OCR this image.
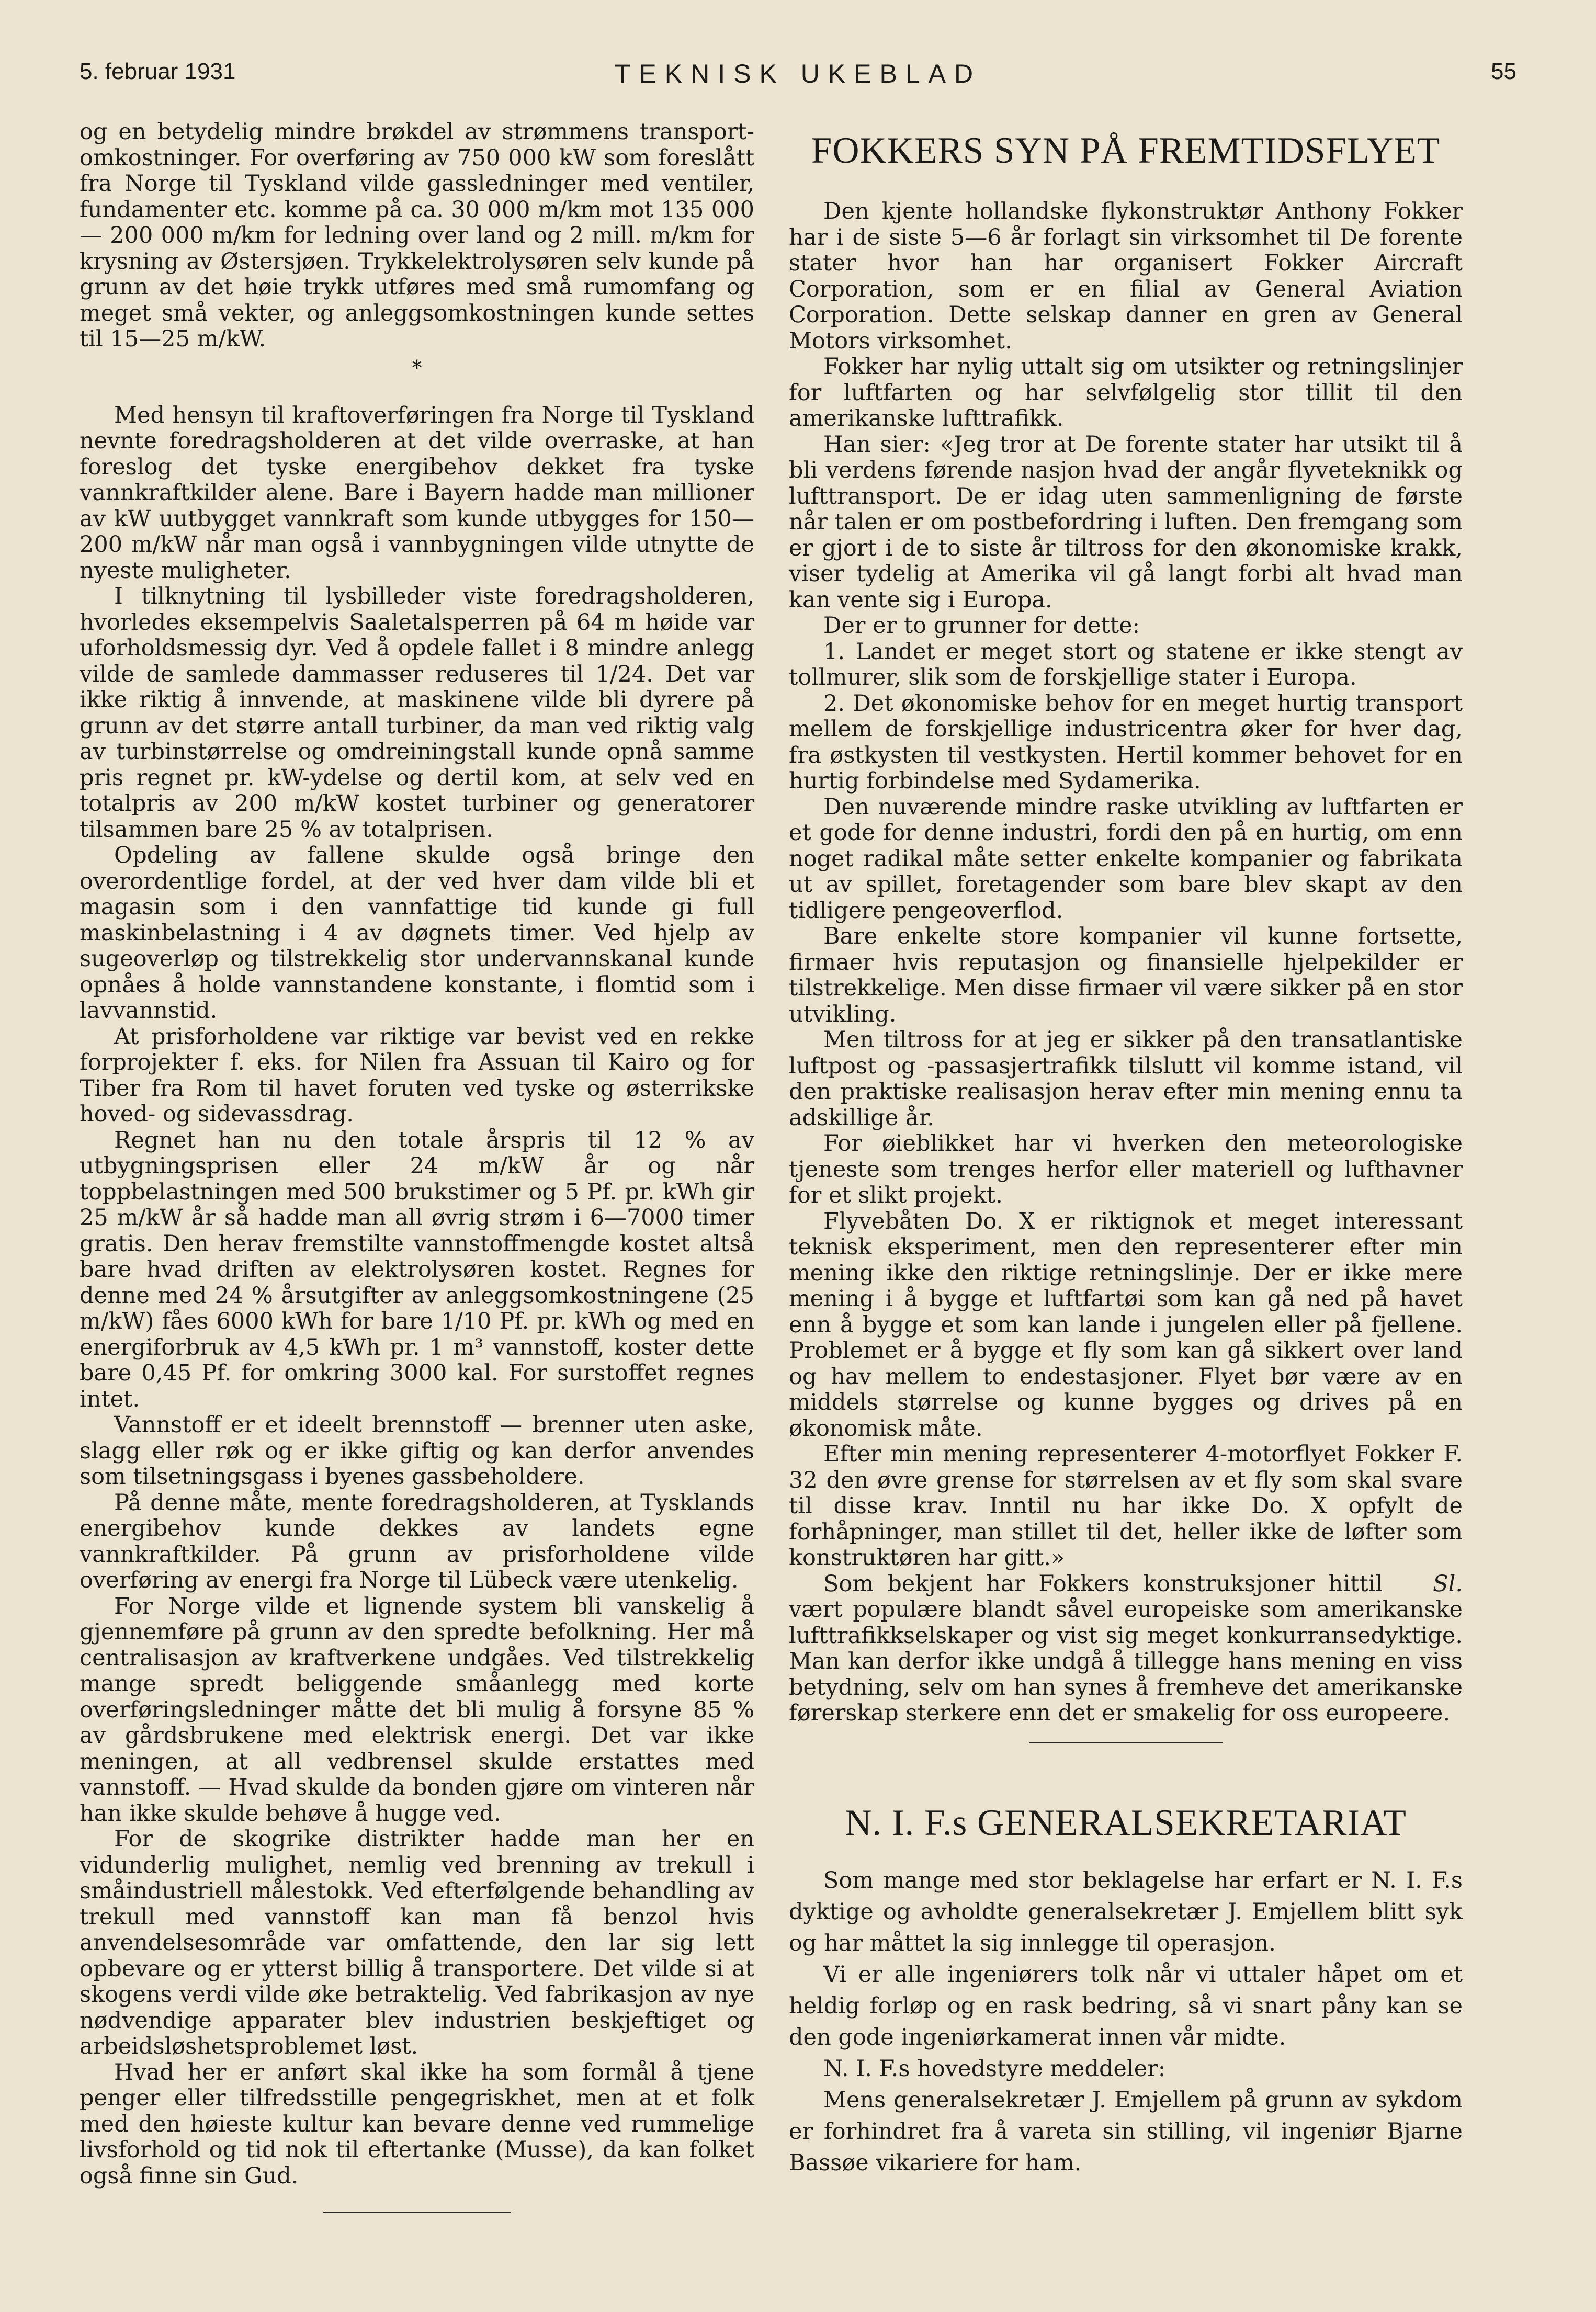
5. februar 1931	TEKNISK UKEBLAD	55

og en betydelig mindre brøkdel av strømmens transport-omkostninger. For overføring av 750 000 kW som foreslått fra Norge til Tyskland vilde gassledninger med ventiler, fundamenter etc. komme på ca. 30 000 m/km mot 135 000 — 200 000 m/km for ledning over land og 2 mill. m/km for krysning av Østersjøen. Trykkelektrolysøren selv kunde på grunn av det høie trykk utføres med små rumomfang og meget små vekter, og anleggsomkostningen kunde settes til 15—25 m/kW.

*

Med hensyn til kraftoverføringen fra Norge til Tyskland nevnte foredragsholderen at det vilde overraske, at han foreslog det tyske energibehov dekket fra tyske vannkraftkilder alene. Bare i Bayern hadde man millioner av kW uutbygget vannkraft som kunde utbygges for 150—200 m/kW når man også i vannbygningen vilde utnytte de nyeste muligheter.

I tilknytning til lysbilleder viste foredragsholderen, hvorledes eksempelvis Saaletalsperren på 64 m høide var uforholdsmessig dyr. Ved å opdele fallet i 8 mindre anlegg vilde de samlede dammasser reduseres til 1/24. Det var ikke riktig å innvende, at maskinene vilde bli dyrere på grunn av det større antall turbiner, da man ved riktig valg av turbinstørrelse og omdreiningstall kunde opnå samme pris regnet pr. kW-ydelse og dertil kom, at selv ved en totalpris av 200 m/kW kostet turbiner og generatorer tilsammen bare 25 % av totalprisen.

Opdeling av fallene skulde også bringe den overordentlige fordel, at der ved hver dam vilde bli et magasin som i den vannfattige tid kunde gi full maskinbelastning i 4 av døgnets timer. Ved hjelp av sugeoverløp og tilstrekkelig stor undervannskanal kunde opnåes å holde vannstandene konstante, i flomtid som i lavvannstid.

At prisforholdene var riktige var bevist ved en rekke forprojekter f. eks. for Nilen fra Assuan til Kairo og for Tiber fra Rom til havet foruten ved tyske og østerrikske hoved- og sidevassdrag.

Regnet han nu den totale årspris til 12 % av utbygningsprisen eller 24 m/kW år og når toppbelastningen med 500 brukstimer og 5 Pf. pr. kWh gir 25 m/kW år så hadde man all øvrig strøm i 6—7000 timer gratis. Den herav fremstilte vannstoffmengde kostet altså bare hvad driften av elektrolysøren kostet. Regnes for denne med 24 % årsutgifter av anleggsomkostningene (25 m/kW) fåes 6000 kWh for bare 1/10 Pf. pr. kWh og med en energiforbruk av 4,5 kWh pr. 1 m³ vannstoff, koster dette bare 0,45 Pf. for omkring 3000 kal. For surstoffet regnes intet.

Vannstoff er et ideelt brennstoff — brenner uten aske, slagg eller røk og er ikke giftig og kan derfor anvendes som tilsetningsgass i byenes gassbeholdere.

På denne måte, mente foredragsholderen, at Tysklands energibehov kunde dekkes av landets egne vannkraftkilder. På grunn av prisforholdene vilde overføring av energi fra Norge til Lübeck være utenkelig.

For Norge vilde et lignende system bli vanskelig å gjennemføre på grunn av den spredte befolkning. Her må centralisasjon av kraftverkene undgåes. Ved tilstrekkelig mange spredt beliggende småanlegg med korte overføringsledninger måtte det bli mulig å forsyne 85 % av gårdsbrukene med elektrisk energi. Det var ikke meningen, at all vedbrensel skulde erstattes med vannstoff. — Hvad skulde da bonden gjøre om vinteren når han ikke skulde behøve å hugge ved.

For de skogrike distrikter hadde man her en vidunderlig mulighet, nemlig ved brenning av trekull i småindustriell målestokk. Ved efterfølgende behandling av trekull med vannstoff kan man få benzol hvis anvendelsesområde var omfattende, den lar sig lett opbevare og er ytterst billig å transportere. Det vilde si at skogens verdi vilde øke betraktelig. Ved fabrikasjon av nye nødvendige apparater blev industrien beskjeftiget og arbeidsløshetsproblemet løst.

Hvad her er anført skal ikke ha som formål å tjene penger eller tilfredsstille pengegriskhet, men at et folk med den høieste kultur kan bevare denne ved rummelige livsforhold og tid nok til eftertanke (Musse), da kan folket også finne sin Gud.

FOKKERS SYN PÅ FREMTIDSFLYET

Den kjente hollandske flykonstruktør Anthony Fokker har i de siste 5—6 år forlagt sin virksomhet til De forente stater hvor han har organisert Fokker Aircraft Corporation, som er en filial av General Aviation Corporation. Dette selskap danner en gren av General Motors virksomhet.

Fokker har nylig uttalt sig om utsikter og retningslinjer for luftfarten og har selvfølgelig stor tillit til den amerikanske lufttrafikk.

Han sier: «Jeg tror at De forente stater har utsikt til å bli verdens førende nasjon hvad der angår flyveteknikk og lufttransport. De er idag uten sammenligning de første når talen er om postbefordring i luften. Den fremgang som er gjort i de to siste år tiltross for den økonomiske krakk, viser tydelig at Amerika vil gå langt forbi alt hvad man kan vente sig i Europa.

Der er to grunner for dette:

1. Landet er meget stort og statene er ikke stengt av tollmurer, slik som de forskjellige stater i Europa.

2. Det økonomiske behov for en meget hurtig transport mellem de forskjellige industricentra øker for hver dag, fra østkysten til vestkysten. Hertil kommer behovet for en hurtig forbindelse med Sydamerika.

Den nuværende mindre raske utvikling av luftfarten er et gode for denne industri, fordi den på en hurtig, om enn noget radikal måte setter enkelte kompanier og fabrikata ut av spillet, foretagender som bare blev skapt av den tidligere pengeoverflod.

Bare enkelte store kompanier vil kunne fortsette, firmaer hvis reputasjon og finansielle hjelpekilder er tilstrekkelige. Men disse firmaer vil være sikker på en stor utvikling.

Men tiltross for at jeg er sikker på den transatlantiske luftpost og -passasjertrafikk tilslutt vil komme istand, vil den praktiske realisasjon herav efter min mening ennu ta adskillige år.

For øieblikket har vi hverken den meteorologiske tjeneste som trenges herfor eller materiell og lufthavner for et slikt projekt.

Flyvebåten Do. X er riktignok et meget interessant teknisk eksperiment, men den representerer efter min mening ikke den riktige retningslinje. Der er ikke mere mening i å bygge et luftfartøi som kan gå ned på havet enn å bygge et som kan lande i jungelen eller på fjellene. Problemet er å bygge et fly som kan gå sikkert over land og hav mellem to endestasjoner. Flyet bør være av en middels størrelse og kunne bygges og drives på en økonomisk måte.

Efter min mening representerer 4-motorflyet Fokker F. 32 den øvre grense for størrelsen av et fly som skal svare til disse krav. Inntil nu har ikke Do. X opfylt de forhåpninger, man stillet til det, heller ikke de løfter som konstruktøren har gitt.»

Sl.
Som bekjent har Fokkers konstruksjoner hittil vært populære blandt såvel europeiske som amerikanske lufttrafikkselskaper og vist sig meget konkurransedyktige. Man kan derfor ikke undgå å tillegge hans mening en viss betydning, selv om han synes å fremheve det amerikanske førerskap sterkere enn det er smakelig for oss europeere.

N. I. F.s GENERALSEKRETARIAT

Som mange med stor beklagelse har erfart er N. I. F.s dyktige og avholdte generalsekretær J. Emjellem blitt syk og har måttet la sig innlegge til operasjon.

Vi er alle ingeniørers tolk når vi uttaler håpet om et heldig forløp og en rask bedring, så vi snart påny kan se den gode ingeniørkamerat innen vår midte.

N. I. F.s hovedstyre meddeler:

Mens generalsekretær J. Emjellem på grunn av sykdom er forhindret fra å vareta sin stilling, vil ingeniør Bjarne Bassøe vikariere for ham.
